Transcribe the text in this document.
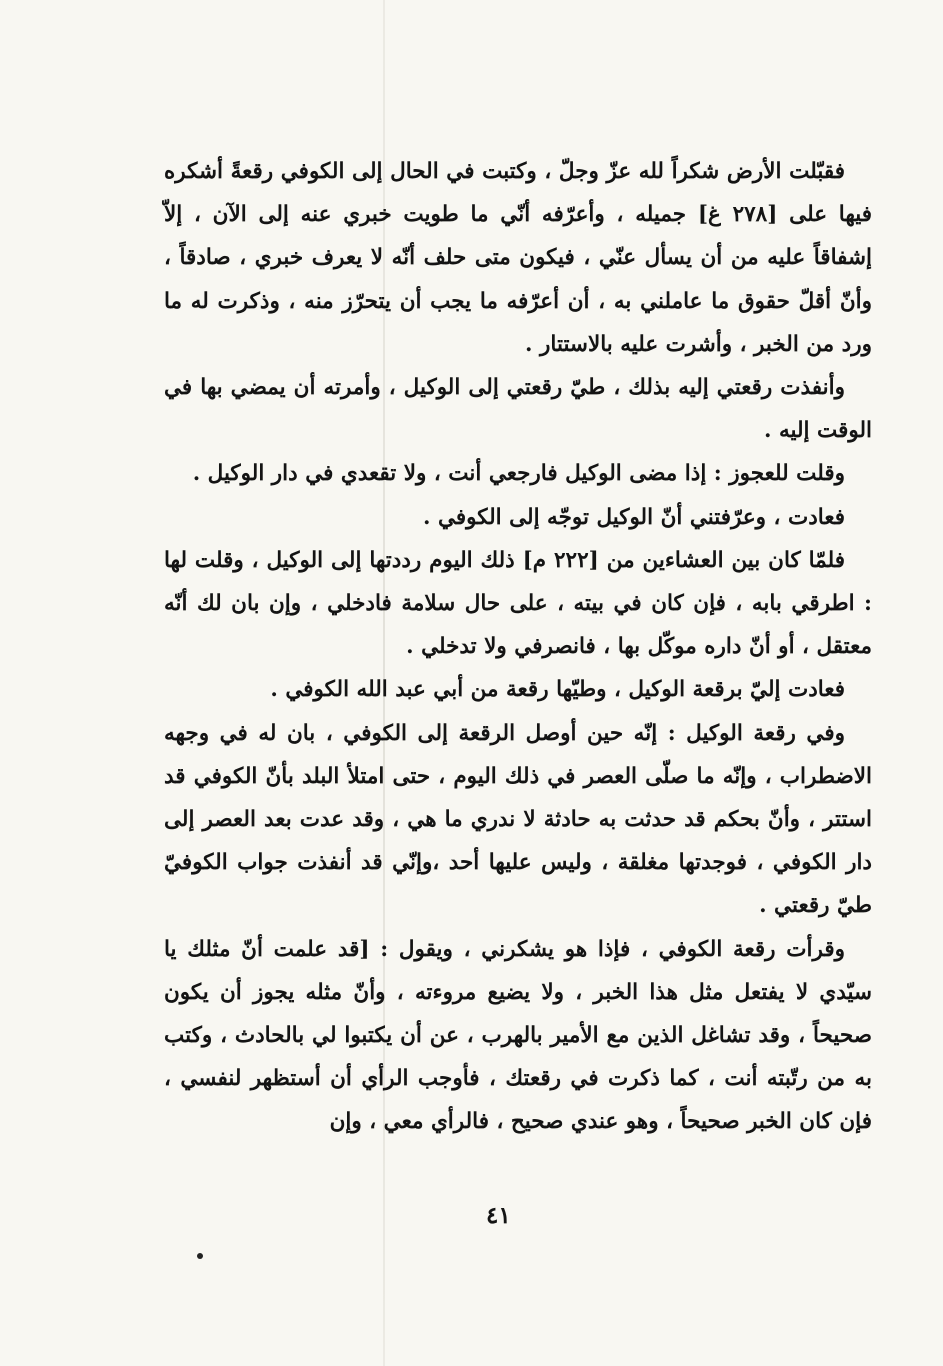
فقبّلت الأرض شكراً لله عزّ وجلّ ، وكتبت في الحال إلى الكوفي رقعةً أشكره فيها على [٢٧٨ غ] جميله ، وأعرّفه أنّي ما طويت خبري عنه إلى الآن ، إلاّ إشفاقاً عليه من أن يسأل عنّي ، فيكون متى حلف أنّه لا يعرف خبري ، صادقاً ، وأنّ أقلّ حقوق ما عاملني به ، أن أعرّفه ما يجب أن يتحرّز منه ، وذكرت له ما ورد من الخبر ، وأشرت عليه بالاستتار .

وأنفذت رقعتي إليه بذلك ، طيّ رقعتي إلى الوكيل ، وأمرته أن يمضي بها في الوقت إليه .

وقلت للعجوز : إذا مضى الوكيل فارجعي أنت ، ولا تقعدي في دار الوكيل .

فعادت ، وعرّفتني أنّ الوكيل توجّه إلى الكوفي .

فلمّا كان بين العشاءين من [٢٢٢ م] ذلك اليوم رددتها إلى الوكيل ، وقلت لها : اطرقي بابه ، فإن كان في بيته ، على حال سلامة فادخلي ، وإن بان لك أنّه معتقل ، أو أنّ داره موكّل بها ، فانصرفي ولا تدخلي .

فعادت إليّ برقعة الوكيل ، وطيّها رقعة من أبي عبد الله الكوفي .

وفي رقعة الوكيل : إنّه حين أوصل الرقعة إلى الكوفي ، بان له في وجهه الاضطراب ، وإنّه ما صلّى العصر في ذلك اليوم ، حتى امتلأ البلد بأنّ الكوفي قد استتر ، وأنّ بحكم قد حدثت به حادثة لا ندري ما هي ، وقد عدت بعد العصر إلى دار الكوفي ، فوجدتها مغلقة ، وليس عليها أحد ،وإنّي قد أنفذت جواب الكوفيّ طيّ رقعتي .

وقرأت رقعة الكوفي ، فإذا هو يشكرني ، ويقول : [قد علمت أنّ مثلك يا سيّدي لا يفتعل مثل هذا الخبر ، ولا يضيع مروءته ، وأنّ مثله يجوز أن يكون صحيحاً ، وقد تشاغل الذين مع الأمير بالهرب ، عن أن يكتبوا لي بالحادث ، وكتب به من رتّبته أنت ، كما ذكرت في رقعتك ، فأوجب الرأي أن أستظهر لنفسي ، فإن كان الخبر صحيحاً ، وهو عندي صحيح ، فالرأي معي ، وإن

٤١
